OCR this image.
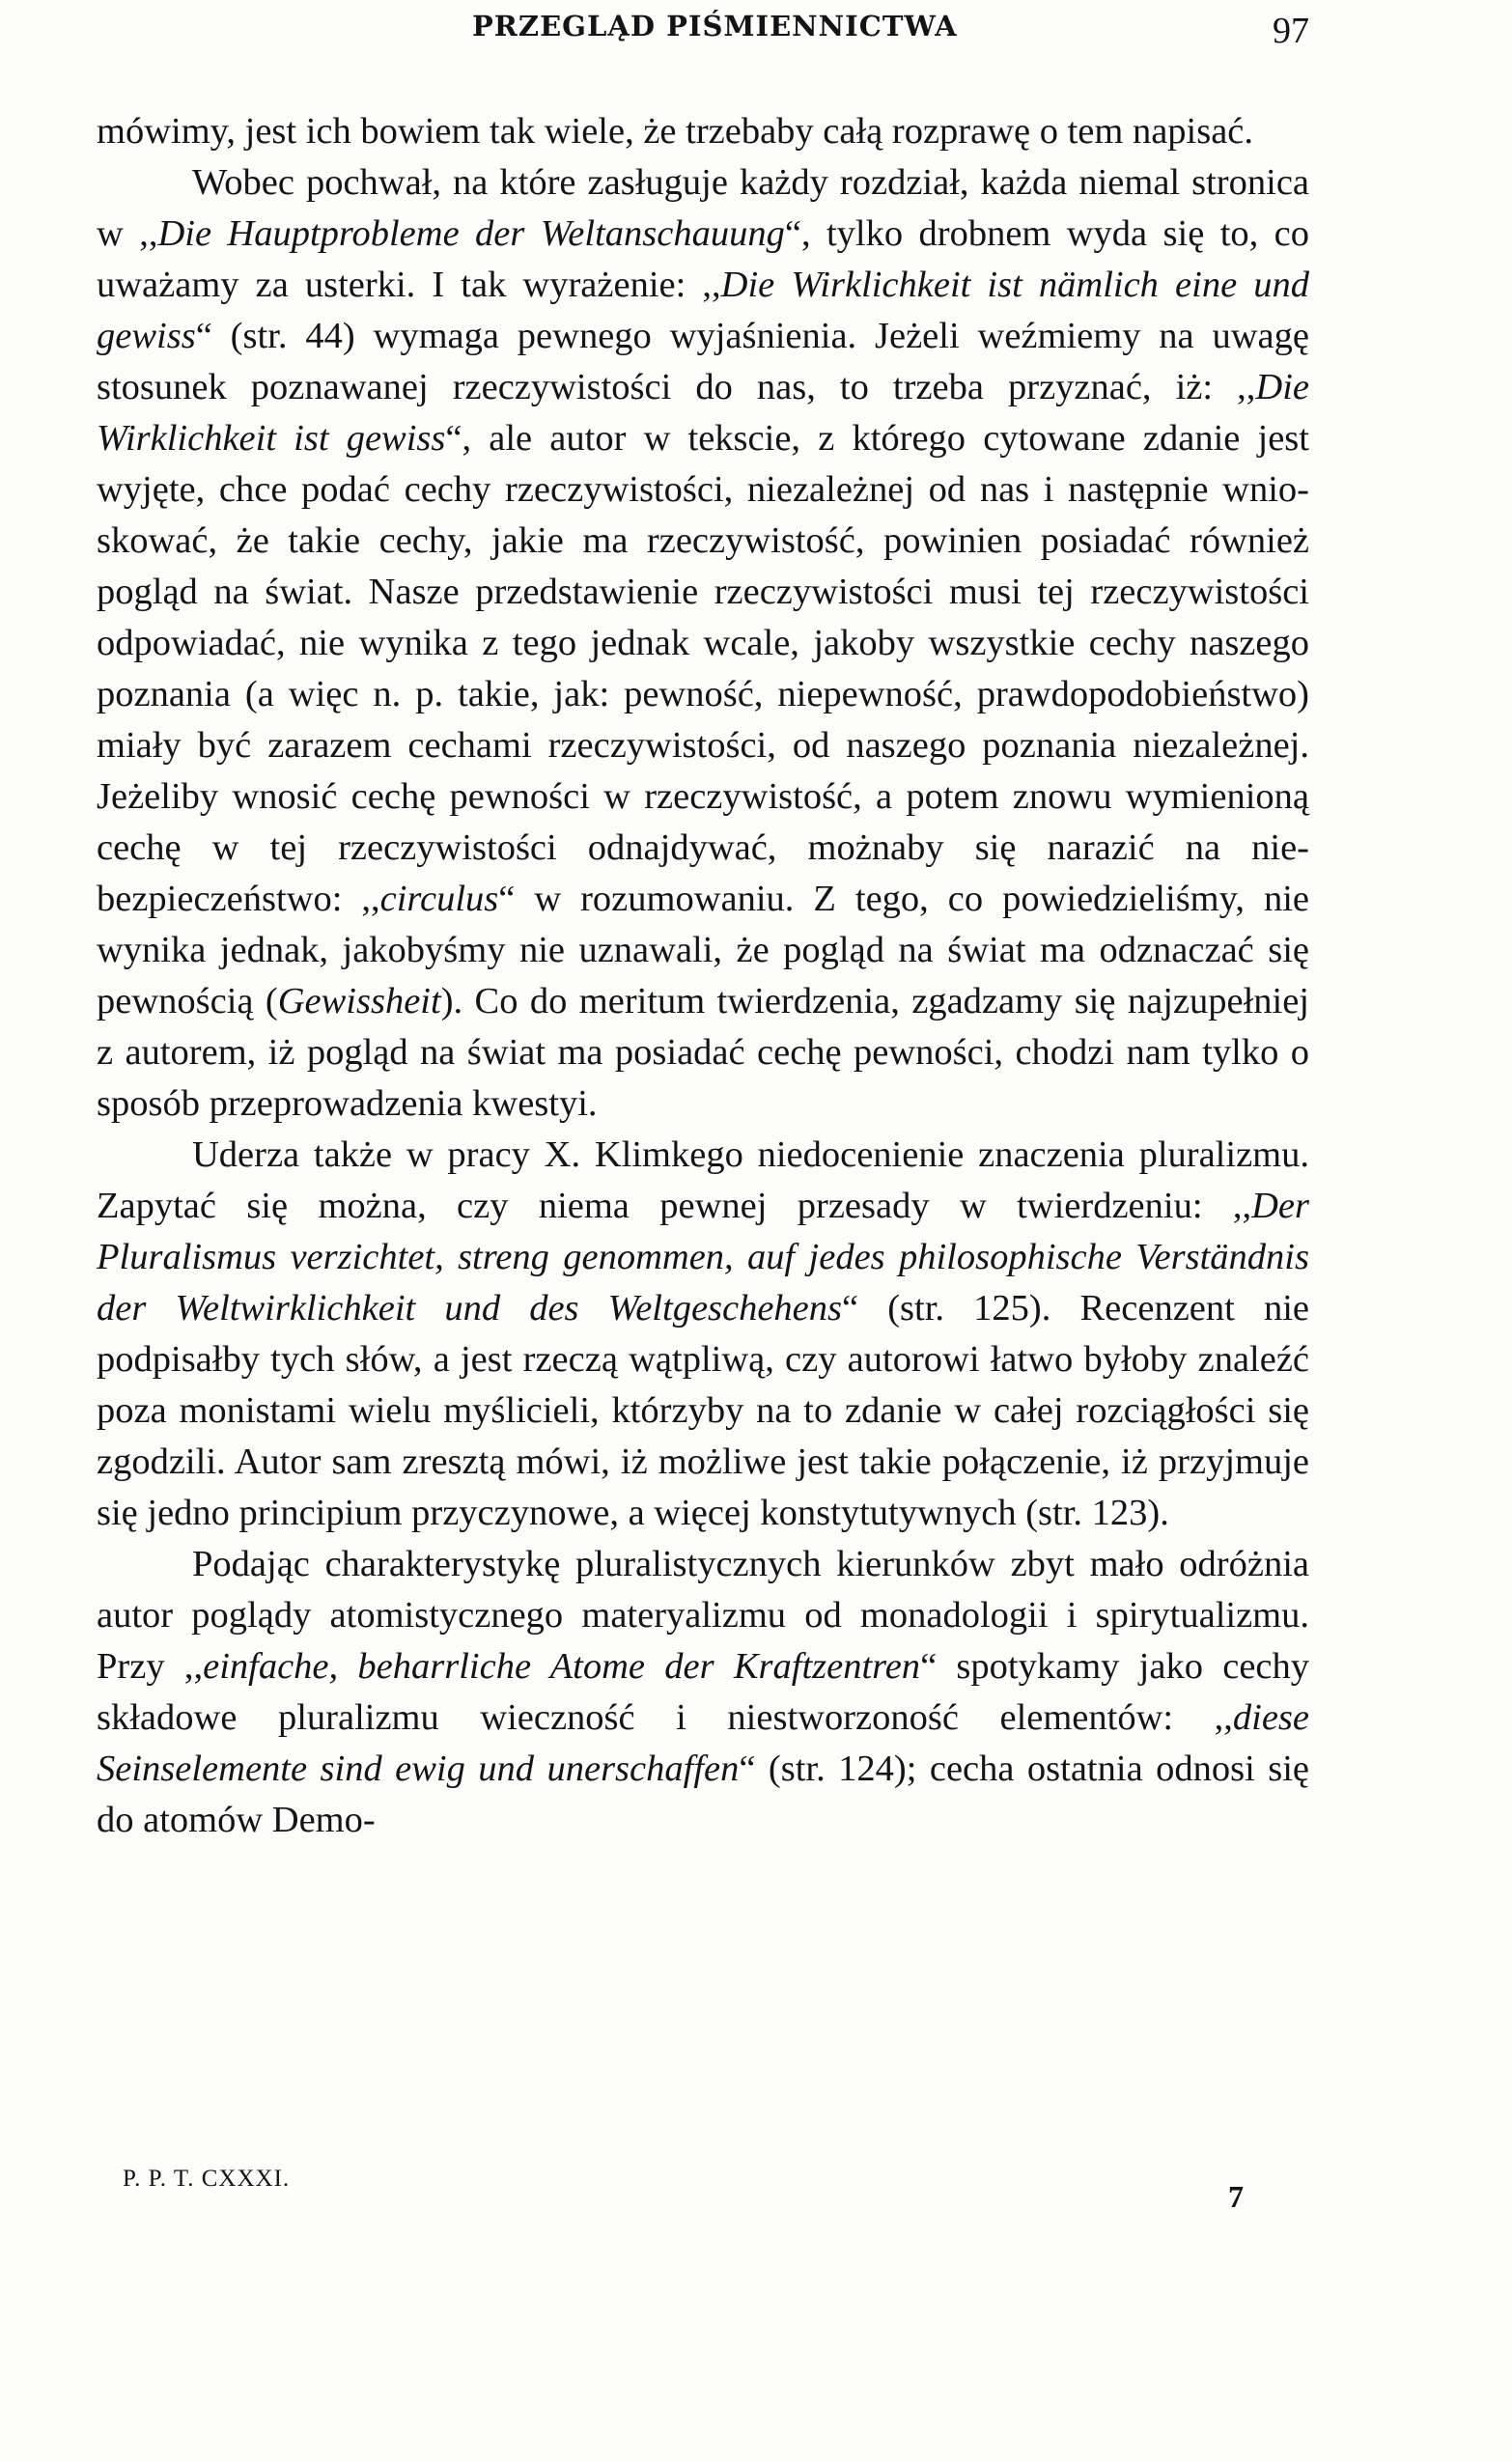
PRZEGLĄD PIŚMIENNICTWA	97

mówimy, jest ich bowiem tak wiele, że trzebaby całą rozprawę o tem napisać.

Wobec pochwał, na które zasługuje każdy rozdział, każda niemal stronica w ,,Die Hauptprobleme der Weltanschauung“, tylko drobnem wyda się to, co uważamy za usterki. I tak wyrażenie: ,,Die Wirklichkeit ist nämlich eine und gewiss“ (str. 44) wymaga pewnego wyjaśnienia. Jeżeli weźmiemy na uwagę stosunek poznawanej rzeczywistości do nas, to trzeba przyznać, iż: ,,Die Wirklichkeit ist gewiss“, ale autor w tekscie, z którego cytowane zdanie jest wyjęte, chce podać cechy rzeczywistości, niezależnej od nas i następnie wnioskować, że takie cechy, jakie ma rzeczywistość, powinien posiadać również pogląd na świat. Nasze przedstawienie rzeczywistości musi tej rzeczywistości odpowiadać, nie wynika z tego jednak wcale, jakoby wszystkie cechy naszego poznania (a więc n. p. takie, jak: pewność, niepewność, prawdopodobieństwo) miały być zarazem cechami rzeczywistości, od naszego poznania niezależnej. Jeżeliby wnosić cechę pewności w rzeczywistość, a potem znowu wymienioną cechę w tej rzeczywistości odnajdywać, możnaby się narazić na niebezpieczeństwo: ,,circulus“ w rozumowaniu. Z tego, co powiedzieliśmy, nie wynika jednak, jakobyśmy nie uznawali, że pogląd na świat ma odznaczać się pewnością (Gewissheit). Co do meritum twierdzenia, zgadzamy się najzupełniej z autorem, iż pogląd na świat ma posiadać cechę pewności, chodzi nam tylko o sposób przeprowadzenia kwestyi.

Uderza także w pracy X. Klimkego niedocenienie znaczenia pluralizmu. Zapytać się można, czy niema pewnej przesady w twierdzeniu: ,,Der Pluralismus verzichtet, streng genommen, auf jedes philosophische Verständnis der Weltwirklichkeit und des Weltgeschehens“ (str. 125). Recenzent nie podpisałby tych słów, a jest rzeczą wątpliwą, czy autorowi łatwo byłoby znaleźć poza monistami wielu myślicieli, którzyby na to zdanie w całej rozciągłości się zgodzili. Autor sam zresztą mówi, iż możliwe jest takie połączenie, iż przyjmuje się jedno principium przyczynowe, a więcej konstytutywnych (str. 123).

Podając charakterystykę pluralistycznych kierunków zbyt mało odróżnia autor poglądy atomistycznego materyalizmu od monadologii i spirytualizmu. Przy ,,einfache, beharrliche Atome der Kraftzentren“ spotykamy jako cechy składowe pluralizmu wieczność i niestworzoność elementów: ,,diese Seinselemente sind ewig und unerschaffen“ (str. 124); cecha ostatnia odnosi się do atomów Demo-

P. P. T. CXXXI.
7
